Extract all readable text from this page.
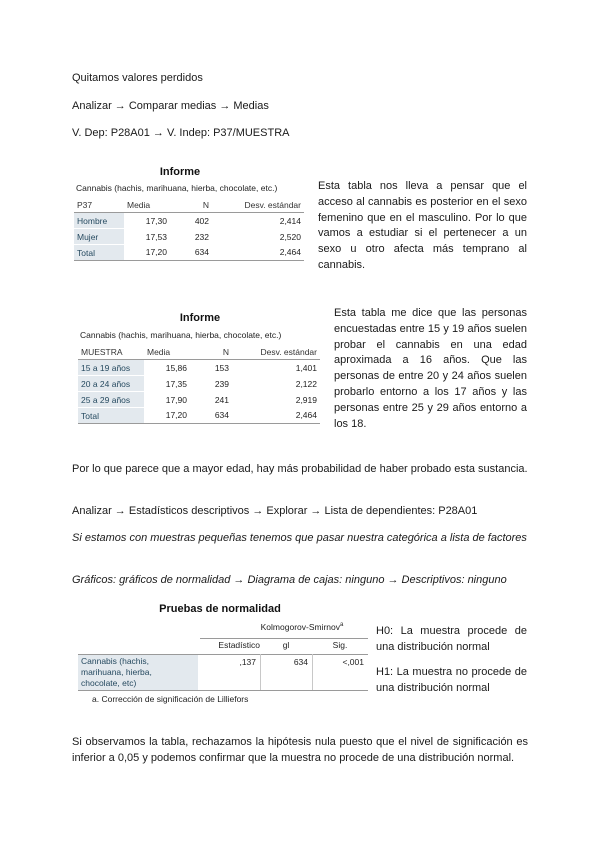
Quitamos valores perdidos
Analizar → Comparar medias → Medias
V. Dep: P28A01 → V. Indep: P37/MUESTRA
Informe
Cannabis (hachis, marihuana, hierba, chocolate, etc.)
P37	Media	N	Desv. estándar
Hombre	17,30	402	2,414
Mujer	17,53	232	2,520
Total	17,20	634	2,464
Esta tabla nos lleva a pensar que el acceso al cannabis es posterior en el sexo femenino que en el masculino. Por lo que vamos a estudiar si el pertenecer a un sexo u otro afecta más temprano al cannabis.
Informe
Cannabis (hachis, marihuana, hierba, chocolate, etc.)
MUESTRA	Media	N	Desv. estándar
15 a 19 años	15,86	153	1,401
20 a 24 años	17,35	239	2,122
25 a 29 años	17,90	241	2,919
Total	17,20	634	2,464
Esta tabla me dice que las personas encuestadas entre 15 y 19 años suelen probar el cannabis en una edad aproximada a 16 años. Que las personas de entre 20 y 24 años suelen probarlo entorno a los 17 años y las personas entre 25 y 29 años entorno a los 18.
Por lo que parece que a mayor edad, hay más probabilidad de haber probado esta sustancia.
Analizar → Estadísticos descriptivos → Explorar → Lista de dependientes: P28A01
Si estamos con muestras pequeñas tenemos que pasar nuestra categórica a lista de factores
Gráficos: gráficos de normalidad → Diagrama de cajas: ninguno → Descriptivos: ninguno
Pruebas de normalidad
Kolmogorov-Smirnov$^a$
Estadístico	gl	Sig.
Cannabis (hachis,
marihuana, hierba,
chocolate, etc)
,137	634	<,001
a. Corrección de significación de Lilliefors
H0: La muestra procede de una distribución normal
H1: La muestra no procede de una distribución normal
Si observamos la tabla, rechazamos la hipótesis nula puesto que el nivel de significación es inferior a 0,05 y podemos confirmar que la muestra no procede de una distribución normal.
